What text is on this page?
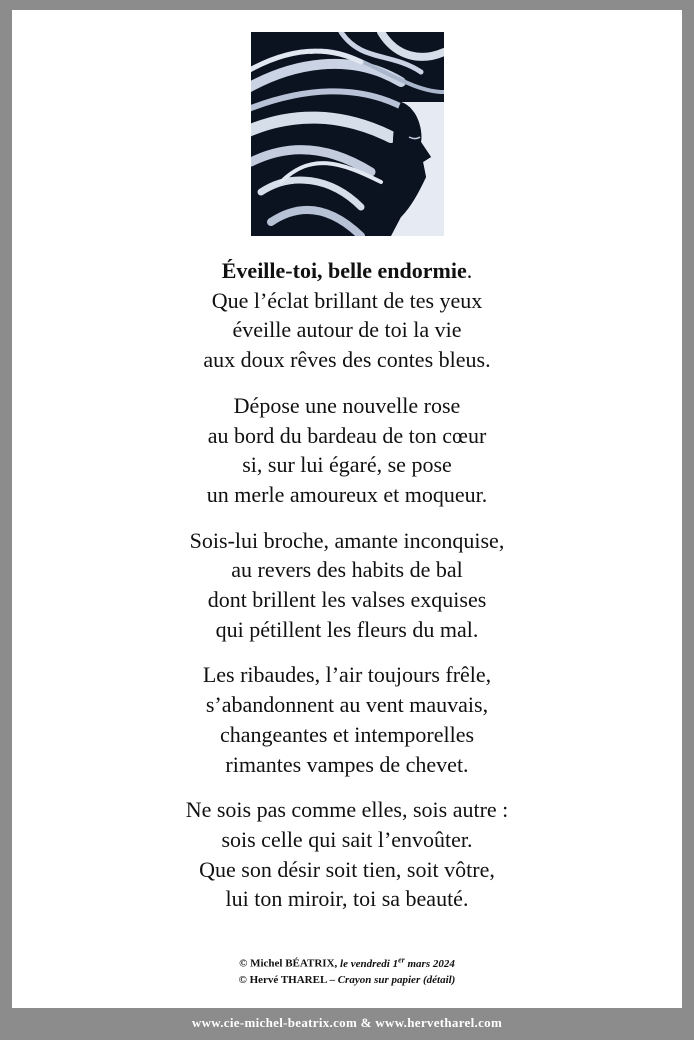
Éveille-toi, belle endormie.
Que l’éclat brillant de tes yeux
éveille autour de toi la vie
aux doux rêves des contes bleus.
Dépose une nouvelle rose
au bord du bardeau de ton cœur
si, sur lui égaré, se pose
un merle amoureux et moqueur.
Sois-lui broche, amante inconquise,
au revers des habits de bal
dont brillent les valses exquises
qui pétillent les fleurs du mal.
Les ribaudes, l’air toujours frêle,
s’abandonnent au vent mauvais,
changeantes et intemporelles
rimantes vampes de chevet.
Ne sois pas comme elles, sois autre :
sois celle qui sait l’envoûter.
Que son désir soit tien, soit vôtre,
lui ton miroir, toi sa beauté.
© Michel BÉATRIX, le vendredi 1er mars 2024
© Hervé THAREL – Crayon sur papier (détail)
www.cie-michel-beatrix.com & www.hervetharel.com
